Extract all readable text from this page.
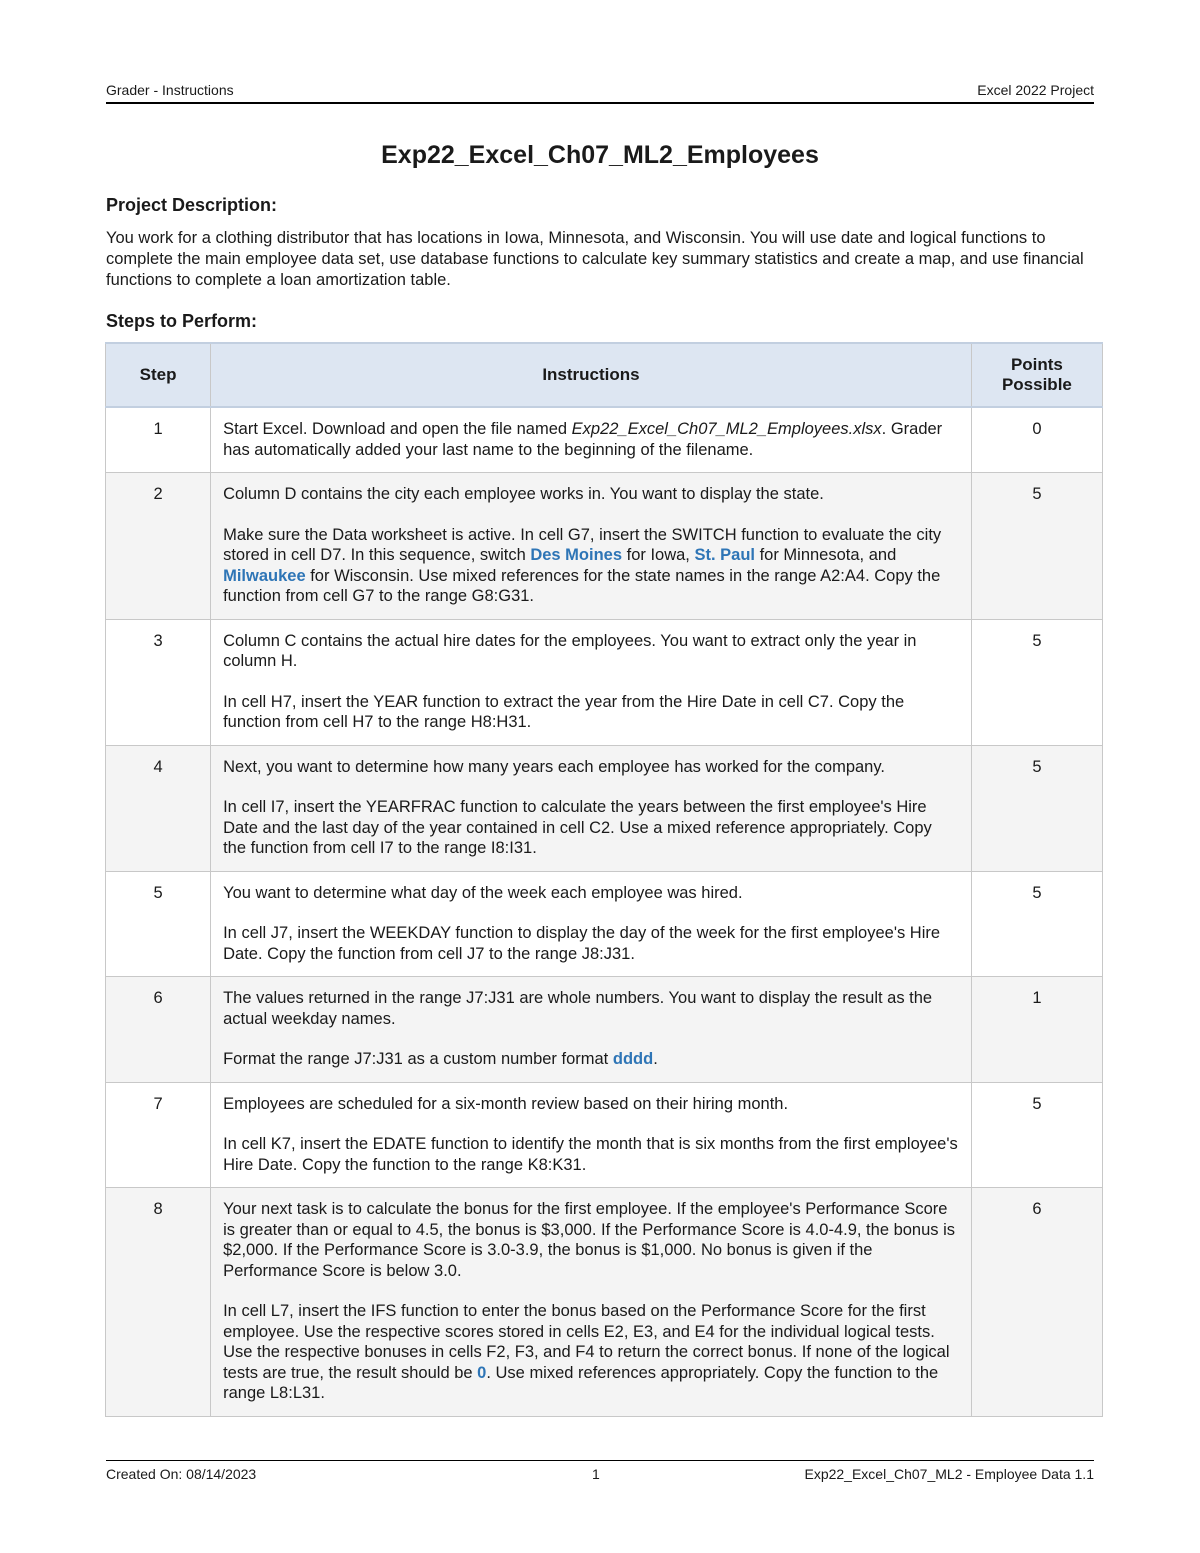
Grader - Instructions	Excel 2022 Project
Exp22_Excel_Ch07_ML2_Employees
Project Description:
You work for a clothing distributor that has locations in Iowa, Minnesota, and Wisconsin. You will use date and logical functions to complete the main employee data set, use database functions to calculate key summary statistics and create a map, and use financial functions to complete a loan amortization table.
Steps to Perform:
Step	Instructions	Points
Possible
1	Start Excel. Download and open the file named Exp22_Excel_Ch07_ML2_Employees.xlsx. Grader has automatically added your last name to the beginning of the filename.	0
2	Column D contains the city each employee works in. You want to display the state.

Make sure the Data worksheet is active. In cell G7, insert the SWITCH function to evaluate the city stored in cell D7. In this sequence, switch Des Moines for Iowa, St. Paul for Minnesota, and Milwaukee for Wisconsin. Use mixed references for the state names in the range A2:A4. Copy the function from cell G7 to the range G8:G31.	5
3	Column C contains the actual hire dates for the employees. You want to extract only the year in column H.

In cell H7, insert the YEAR function to extract the year from the Hire Date in cell C7. Copy the function from cell H7 to the range H8:H31.	5
4	Next, you want to determine how many years each employee has worked for the company.

In cell I7, insert the YEARFRAC function to calculate the years between the first employee's Hire Date and the last day of the year contained in cell C2. Use a mixed reference appropriately. Copy the function from cell I7 to the range I8:I31.	5
5	You want to determine what day of the week each employee was hired.

In cell J7, insert the WEEKDAY function to display the day of the week for the first employee's Hire Date. Copy the function from cell J7 to the range J8:J31.	5
6	The values returned in the range J7:J31 are whole numbers. You want to display the result as the actual weekday names.

Format the range J7:J31 as a custom number format dddd.	1
7	Employees are scheduled for a six-month review based on their hiring month.

In cell K7, insert the EDATE function to identify the month that is six months from the first employee's Hire Date. Copy the function to the range K8:K31.	5
8	Your next task is to calculate the bonus for the first employee. If the employee's Performance Score is greater than or equal to 4.5, the bonus is $3,000. If the Performance Score is 4.0-4.9, the bonus is $2,000. If the Performance Score is 3.0-3.9, the bonus is $1,000. No bonus is given if the Performance Score is below 3.0.

In cell L7, insert the IFS function to enter the bonus based on the Performance Score for the first employee. Use the respective scores stored in cells E2, E3, and E4 for the individual logical tests. Use the respective bonuses in cells F2, F3, and F4 to return the correct bonus. If none of the logical tests are true, the result should be 0. Use mixed references appropriately. Copy the function to the range L8:L31.	6
Created On: 08/14/2023	1	Exp22_Excel_Ch07_ML2 - Employee Data 1.1
